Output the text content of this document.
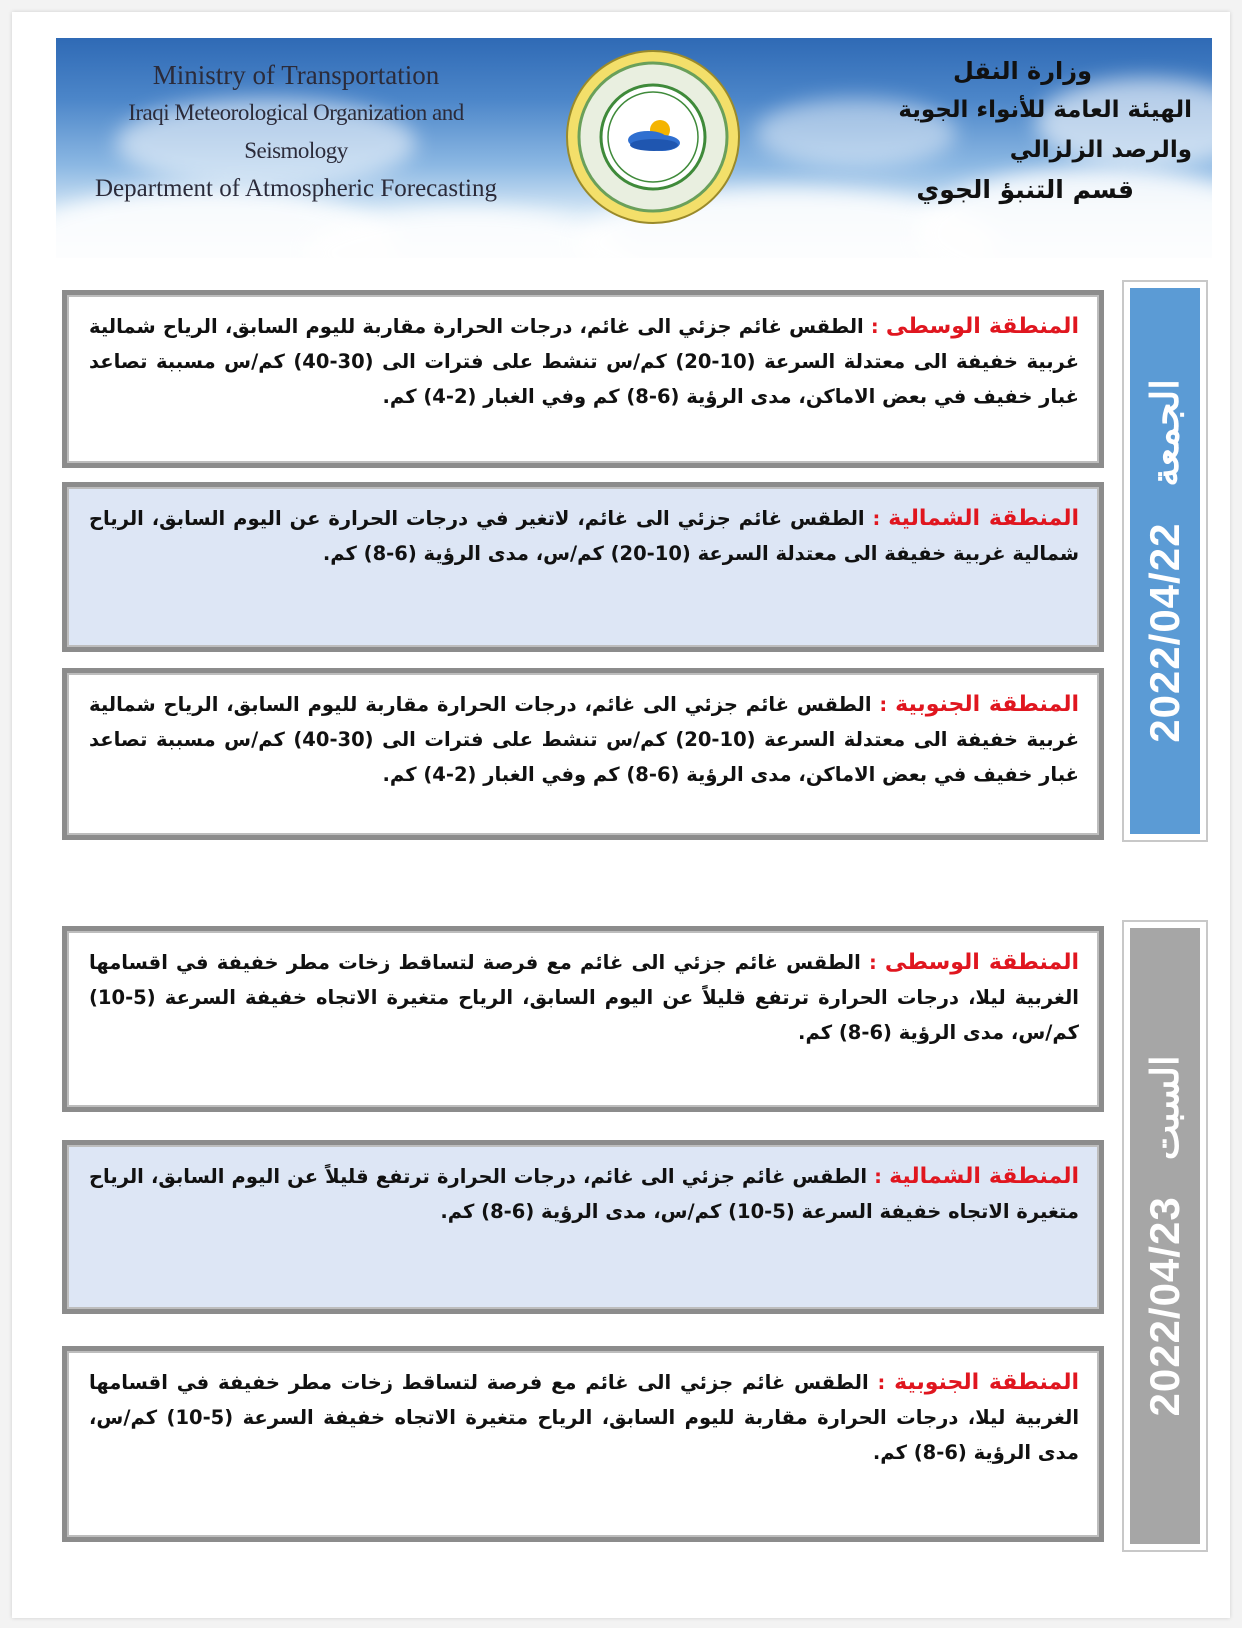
Ministry of Transportation
Iraqi Meteorological Organization and Seismology
Department of Atmospheric Forecasting
وزارة النقل
الهيئة العامة للأنواء الجوية والرصد الزلزالي
قسم التنبؤ الجوي
2022/04/22
الجمعة
المنطقة الوسطى : الطقس غائم جزئي الى غائم، درجات الحرارة مقاربة لليوم السابق، الرياح شمالية غربية خفيفة الى معتدلة السرعة (10-20) كم/س تنشط على فترات الى (30-40) كم/س مسببة تصاعد غبار خفيف في بعض الاماكن، مدى الرؤية (6-8) كم وفي الغبار (2-4) كم.
المنطقة الشمالية : الطقس غائم جزئي الى غائم، لاتغير في درجات الحرارة عن اليوم السابق، الرياح شمالية غربية خفيفة الى معتدلة السرعة (10-20) كم/س، مدى الرؤية (6-8) كم.
المنطقة الجنوبية : الطقس غائم جزئي الى غائم، درجات الحرارة مقاربة لليوم السابق، الرياح شمالية غربية خفيفة الى معتدلة السرعة (10-20) كم/س تنشط على فترات الى (30-40) كم/س مسببة تصاعد غبار خفيف في بعض الاماكن، مدى الرؤية (6-8) كم وفي الغبار (2-4) كم.
2022/04/23
السبت
المنطقة الوسطى : الطقس غائم جزئي الى غائم مع فرصة لتساقط زخات مطر خفيفة في اقسامها الغربية ليلا، درجات الحرارة ترتفع قليلاً عن اليوم السابق، الرياح متغيرة الاتجاه خفيفة السرعة (5-10) كم/س، مدى الرؤية (6-8) كم.
المنطقة الشمالية : الطقس غائم جزئي الى غائم، درجات الحرارة ترتفع قليلاً عن اليوم السابق، الرياح متغيرة الاتجاه خفيفة السرعة (5-10) كم/س، مدى الرؤية (6-8) كم.
المنطقة الجنوبية : الطقس غائم جزئي الى غائم مع فرصة لتساقط زخات مطر خفيفة في اقسامها الغربية ليلا، درجات الحرارة مقاربة لليوم السابق، الرياح متغيرة الاتجاه خفيفة السرعة (5-10) كم/س، مدى الرؤية (6-8) كم.
